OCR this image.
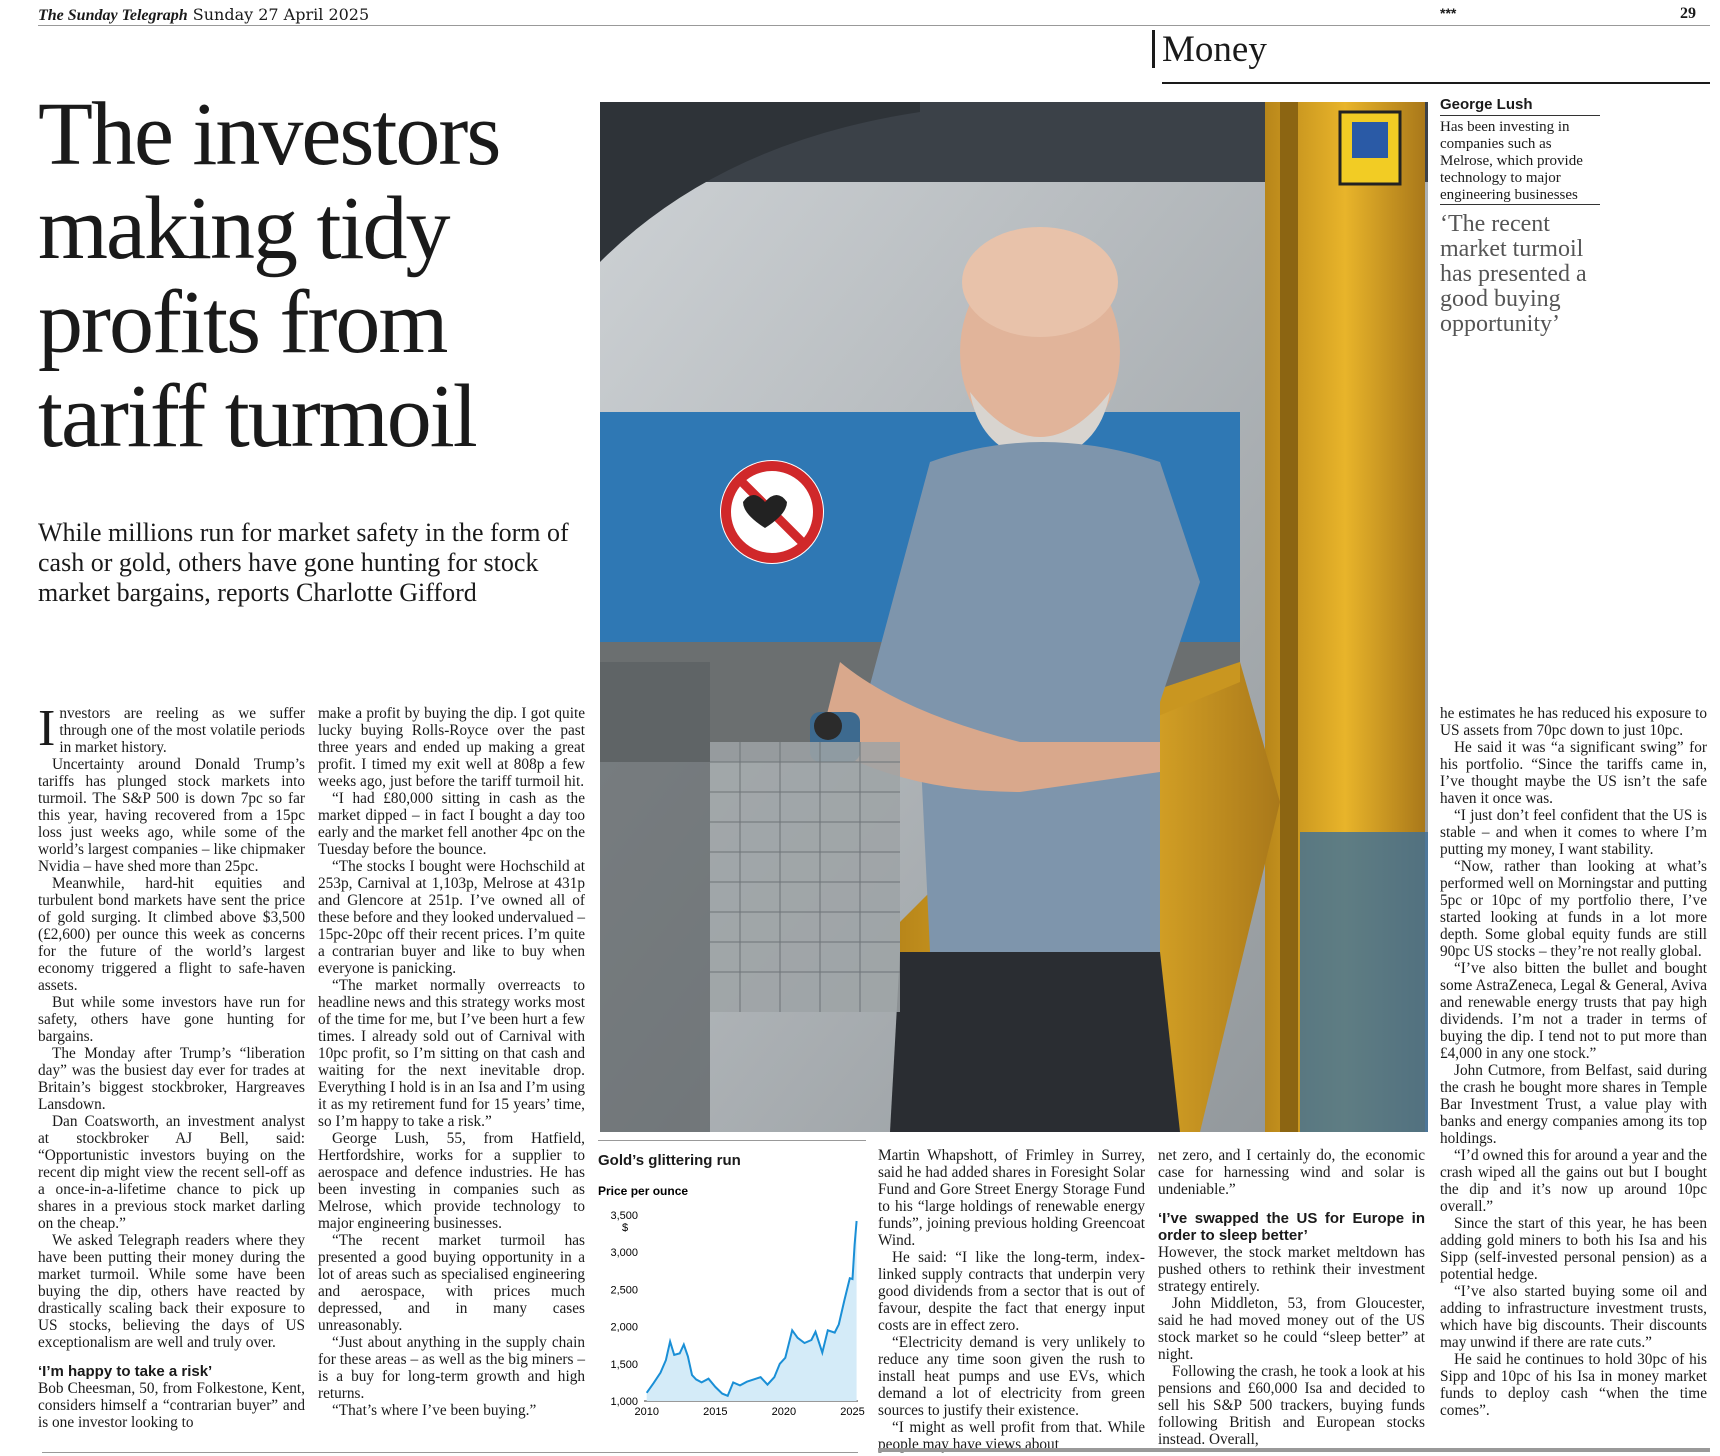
The Sunday Telegraph Sunday 27 April 2025	***	29
Money
The investors making tidy profits from tariff turmoil
While millions run for market safety in the form of cash or gold, others have gone hunting for stock market bargains, reports Charlotte Gifford
George Lush
Has been investing in companies such as Melrose, which provide technology to major engineering businesses
‘The recent market turmoil has presented a good buying opportunity’

Investors are reeling as we suffer through one of the most volatile periods in market history.

Uncertainty around Donald Trump’s tariffs has plunged stock markets into turmoil. The S&P 500 is down 7pc so far this year, having recovered from a 15pc loss just weeks ago, while some of the world’s largest companies – like chipmaker Nvidia – have shed more than 25pc.

Meanwhile, hard-hit equities and turbulent bond markets have sent the price of gold surging. It climbed above $3,500 (£2,600) per ounce this week as concerns for the future of the world’s largest economy triggered a flight to safe-haven assets.

But while some investors have run for safety, others have gone hunting for bargains.

The Monday after Trump’s “liberation day” was the busiest day ever for trades at Britain’s biggest stockbroker, Hargreaves Lansdown.

Dan Coatsworth, an investment analyst at stockbroker AJ Bell, said: “Opportunistic investors buying on the recent dip might view the recent sell-off as a once-in-a-lifetime chance to pick up shares in a previous stock market darling on the cheap.”

We asked Telegraph readers where they have been putting their money during the market turmoil. While some have been buying the dip, others have reacted by drastically scaling back their exposure to US stocks, believing the days of US exceptionalism are well and truly over.

‘I’m happy to take a risk’

Bob Cheesman, 50, from Folkestone, Kent, considers himself a “contrarian buyer” and is one investor looking to

make a profit by buying the dip. I got quite lucky buying Rolls-Royce over the past three years and ended up making a great profit. I timed my exit well at 808p a few weeks ago, just before the tariff turmoil hit.

“I had £80,000 sitting in cash as the market dipped – in fact I bought a day too early and the market fell another 4pc on the Tuesday before the bounce.

“The stocks I bought were Hochschild at 253p, Carnival at 1,103p, Melrose at 431p and Glencore at 251p. I’ve owned all of these before and they looked undervalued – 15pc-20pc off their recent prices. I’m quite a contrarian buyer and like to buy when everyone is panicking.

“The market normally overreacts to headline news and this strategy works most of the time for me, but I’ve been hurt a few times. I already sold out of Carnival with 10pc profit, so I’m sitting on that cash and waiting for the next inevitable drop. Everything I hold is in an Isa and I’m using it as my retirement fund for 15 years’ time, so I’m happy to take a risk.”

George Lush, 55, from Hatfield, Hertfordshire, works for a supplier to aerospace and defence industries. He has been investing in companies such as Melrose, which provide technology to major engineering businesses.

“The recent market turmoil has presented a good buying opportunity in a lot of areas such as specialised engineering and aerospace, with prices much depressed, and in many cases unreasonably.

“Just about anything in the supply chain for these areas – as well as the big miners – is a buy for long-term growth and high returns.

“That’s where I’ve been buying.”

Gold’s glittering run
Price per ounce
$
3,500
3,000
2,500
2,000
1,500
1,000
2010	2015	2020	2025

Martin Whapshott, of Frimley in Surrey, said he had added shares in Foresight Solar Fund and Gore Street Energy Storage Fund to his “large holdings of renewable energy funds”, joining previous holding Greencoat Wind.

He said: “I like the long-term, index-linked supply contracts that underpin very good dividends from a sector that is out of favour, despite the fact that energy input costs are in effect zero.

“Electricity demand is very unlikely to reduce any time soon given the rush to install heat pumps and use EVs, which demand a lot of electricity from green sources to justify their existence.

“I might as well profit from that. While people may have views about

net zero, and I certainly do, the economic case for harnessing wind and solar is undeniable.”

‘I’ve swapped the US for Europe in order to sleep better’

However, the stock market meltdown has pushed others to rethink their investment strategy entirely.

John Middleton, 53, from Gloucester, said he had moved money out of the US stock market so he could “sleep better” at night.

Following the crash, he took a look at his pensions and £60,000 Isa and decided to sell his S&P 500 trackers, buying funds following British and European stocks instead. Overall,

he estimates he has reduced his exposure to US assets from 70pc down to just 10pc.

He said it was “a significant swing” for his portfolio. “Since the tariffs came in, I’ve thought maybe the US isn’t the safe haven it once was.

“I just don’t feel confident that the US is stable – and when it comes to where I’m putting my money, I want stability.

“Now, rather than looking at what’s performed well on Morningstar and putting 5pc or 10pc of my portfolio there, I’ve started looking at funds in a lot more depth. Some global equity funds are still 90pc US stocks – they’re not really global.

“I’ve also bitten the bullet and bought some AstraZeneca, Legal & General, Aviva and renewable energy trusts that pay high dividends. I’m not a trader in terms of buying the dip. I tend not to put more than £4,000 in any one stock.”

John Cutmore, from Belfast, said during the crash he bought more shares in Temple Bar Investment Trust, a value play with banks and energy companies among its top holdings.

“I’d owned this for around a year and the crash wiped all the gains out but I bought the dip and it’s now up around 10pc overall.”

Since the start of this year, he has been adding gold miners to both his Isa and his Sipp (self-invested personal pension) as a potential hedge.

“I’ve also started buying some oil and adding to infrastructure investment trusts, which have big discounts. Their discounts may unwind if there are rate cuts.”

He said he continues to hold 30pc of his Sipp and 10pc of his Isa in money market funds to deploy cash “when the time comes”.
